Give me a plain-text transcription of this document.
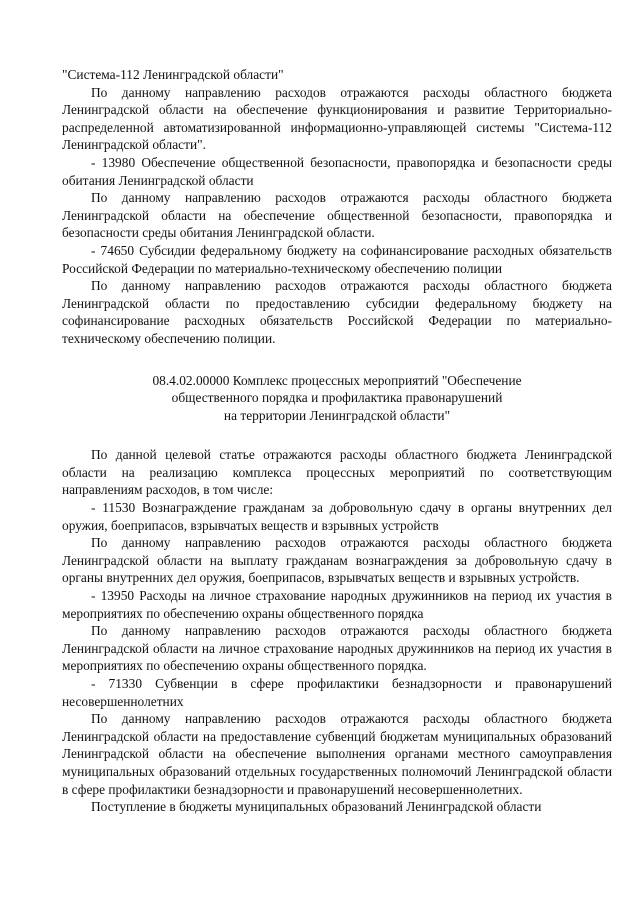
"Система-112 Ленинградской области"

По данному направлению расходов отражаются расходы областного бюджета Ленинградской области на обеспечение функционирования и развитие Территориально-распределенной автоматизированной информационно-управляющей системы "Система-112 Ленинградской области".

- 13980 Обеспечение общественной безопасности, правопорядка и безопасности среды обитания Ленинградской области

По данному направлению расходов отражаются расходы областного бюджета Ленинградской области на обеспечение общественной безопасности, правопорядка и безопасности среды обитания Ленинградской области.

- 74650 Субсидии федеральному бюджету на софинансирование расходных обязательств Российской Федерации по материально-техническому обеспечению полиции

По данному направлению расходов отражаются расходы областного бюджета Ленинградской области по предоставлению субсидии федеральному бюджету на софинансирование расходных обязательств Российской Федерации по материально-техническому обеспечению полиции.

08.4.02.00000 Комплекс процессных мероприятий "Обеспечение
общественного порядка и профилактика правонарушений
на территории Ленинградской области"

По данной целевой статье отражаются расходы областного бюджета Ленинградской области на реализацию комплекса процессных мероприятий по соответствующим направлениям расходов, в том числе:

- 11530 Вознаграждение гражданам за добровольную сдачу в органы внутренних дел оружия, боеприпасов, взрывчатых веществ и взрывных устройств

По данному направлению расходов отражаются расходы областного бюджета Ленинградской области на выплату гражданам вознаграждения за добровольную сдачу в органы внутренних дел оружия, боеприпасов, взрывчатых веществ и взрывных устройств.

- 13950 Расходы на личное страхование народных дружинников на период их участия в мероприятиях по обеспечению охраны общественного порядка

По данному направлению расходов отражаются расходы областного бюджета Ленинградской области на личное страхование народных дружинников на период их участия в мероприятиях по обеспечению охраны общественного порядка.

- 71330 Субвенции в сфере профилактики безнадзорности и правонарушений несовершеннолетних

По данному направлению расходов отражаются расходы областного бюджета Ленинградской области на предоставление субвенций бюджетам муниципальных образований Ленинградской области на обеспечение выполнения органами местного самоуправления муниципальных образований отдельных государственных полномочий Ленинградской области в сфере профилактики безнадзорности и правонарушений несовершеннолетних.

Поступление в бюджеты муниципальных образований Ленинградской области
